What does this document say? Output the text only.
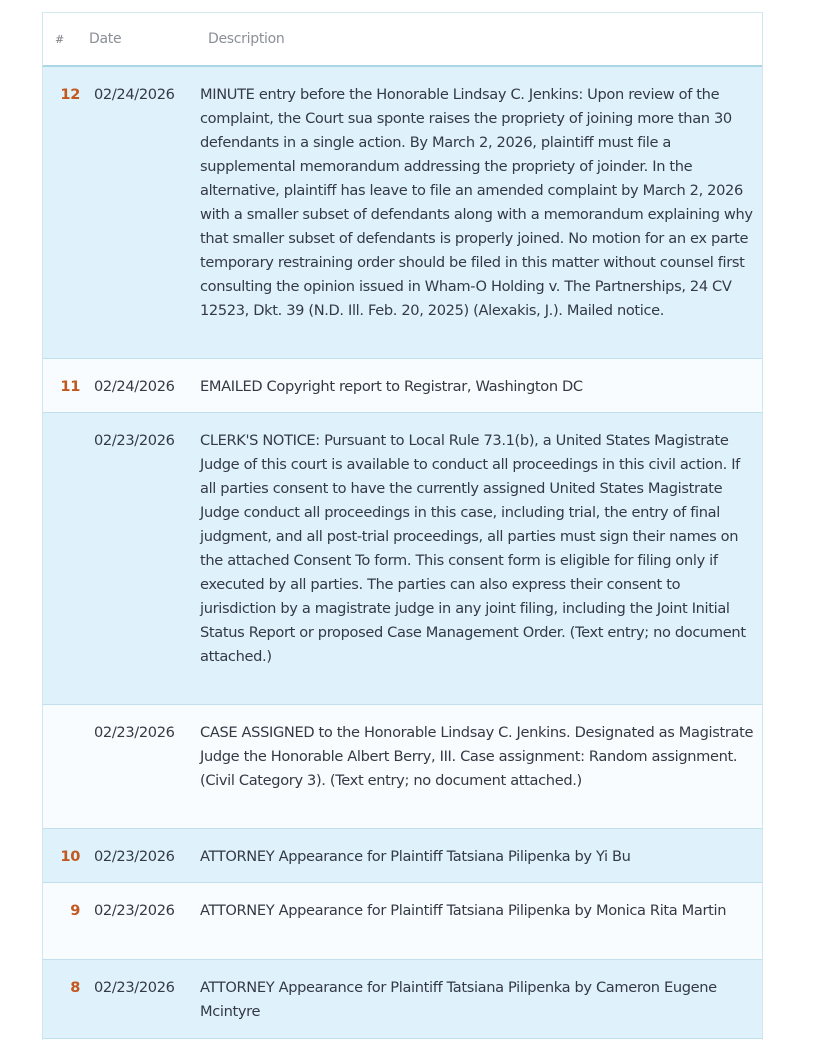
#	Date	Description
12 02/24/2026	MINUTE entry before the Honorable Lindsay C. Jenkins: Upon review of the complaint, the Court sua sponte raises the propriety of joining more than 30 defendants in a single action. By March 2, 2026, plaintiff must file a supplemental memorandum addressing the propriety of joinder. In the alternative, plaintiff has leave to file an amended complaint by March 2, 2026 with a smaller subset of defendants along with a memorandum explaining why that smaller subset of defendants is properly joined. No motion for an ex parte temporary restraining order should be filed in this matter without counsel first consulting the opinion issued in Wham-O Holding v. The Partnerships, 24 CV 12523, Dkt. 39 (N.D. Ill. Feb. 20, 2025) (Alexakis, J.). Mailed notice.
11 02/24/2026	EMAILED Copyright report to Registrar, Washington DC
02/23/2026	CLERK'S NOTICE: Pursuant to Local Rule 73.1(b), a United States Magistrate Judge of this court is available to conduct all proceedings in this civil action. If all parties consent to have the currently assigned United States Magistrate Judge conduct all proceedings in this case, including trial, the entry of final judgment, and all post-trial proceedings, all parties must sign their names on the attached Consent To form. This consent form is eligible for filing only if executed by all parties. The parties can also express their consent to jurisdiction by a magistrate judge in any joint filing, including the Joint Initial Status Report or proposed Case Management Order. (Text entry; no document attached.)
02/23/2026	CASE ASSIGNED to the Honorable Lindsay C. Jenkins. Designated as Magistrate Judge the Honorable Albert Berry, III. Case assignment: Random assignment. (Civil Category 3). (Text entry; no document attached.)
10 02/23/2026	ATTORNEY Appearance for Plaintiff Tatsiana Pilipenka by Yi Bu
9 02/23/2026	ATTORNEY Appearance for Plaintiff Tatsiana Pilipenka by Monica Rita Martin
8 02/23/2026	ATTORNEY Appearance for Plaintiff Tatsiana Pilipenka by Cameron Eugene Mcintyre
